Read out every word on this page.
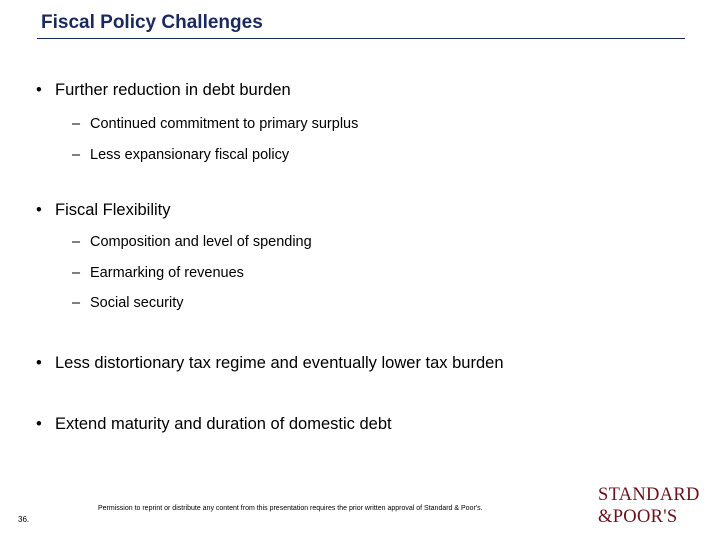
Fiscal Policy Challenges
• Further reduction in debt burden
– Continued commitment to primary surplus
– Less expansionary fiscal policy
• Fiscal Flexibility
– Composition and level of spending
– Earmarking of revenues
– Social security
• Less distortionary tax regime and eventually lower tax burden
• Extend maturity and duration of domestic debt
36.
Permission to reprint or distribute any content from this presentation requires the prior written approval of Standard & Poor's.
STANDARD
&POOR'S
